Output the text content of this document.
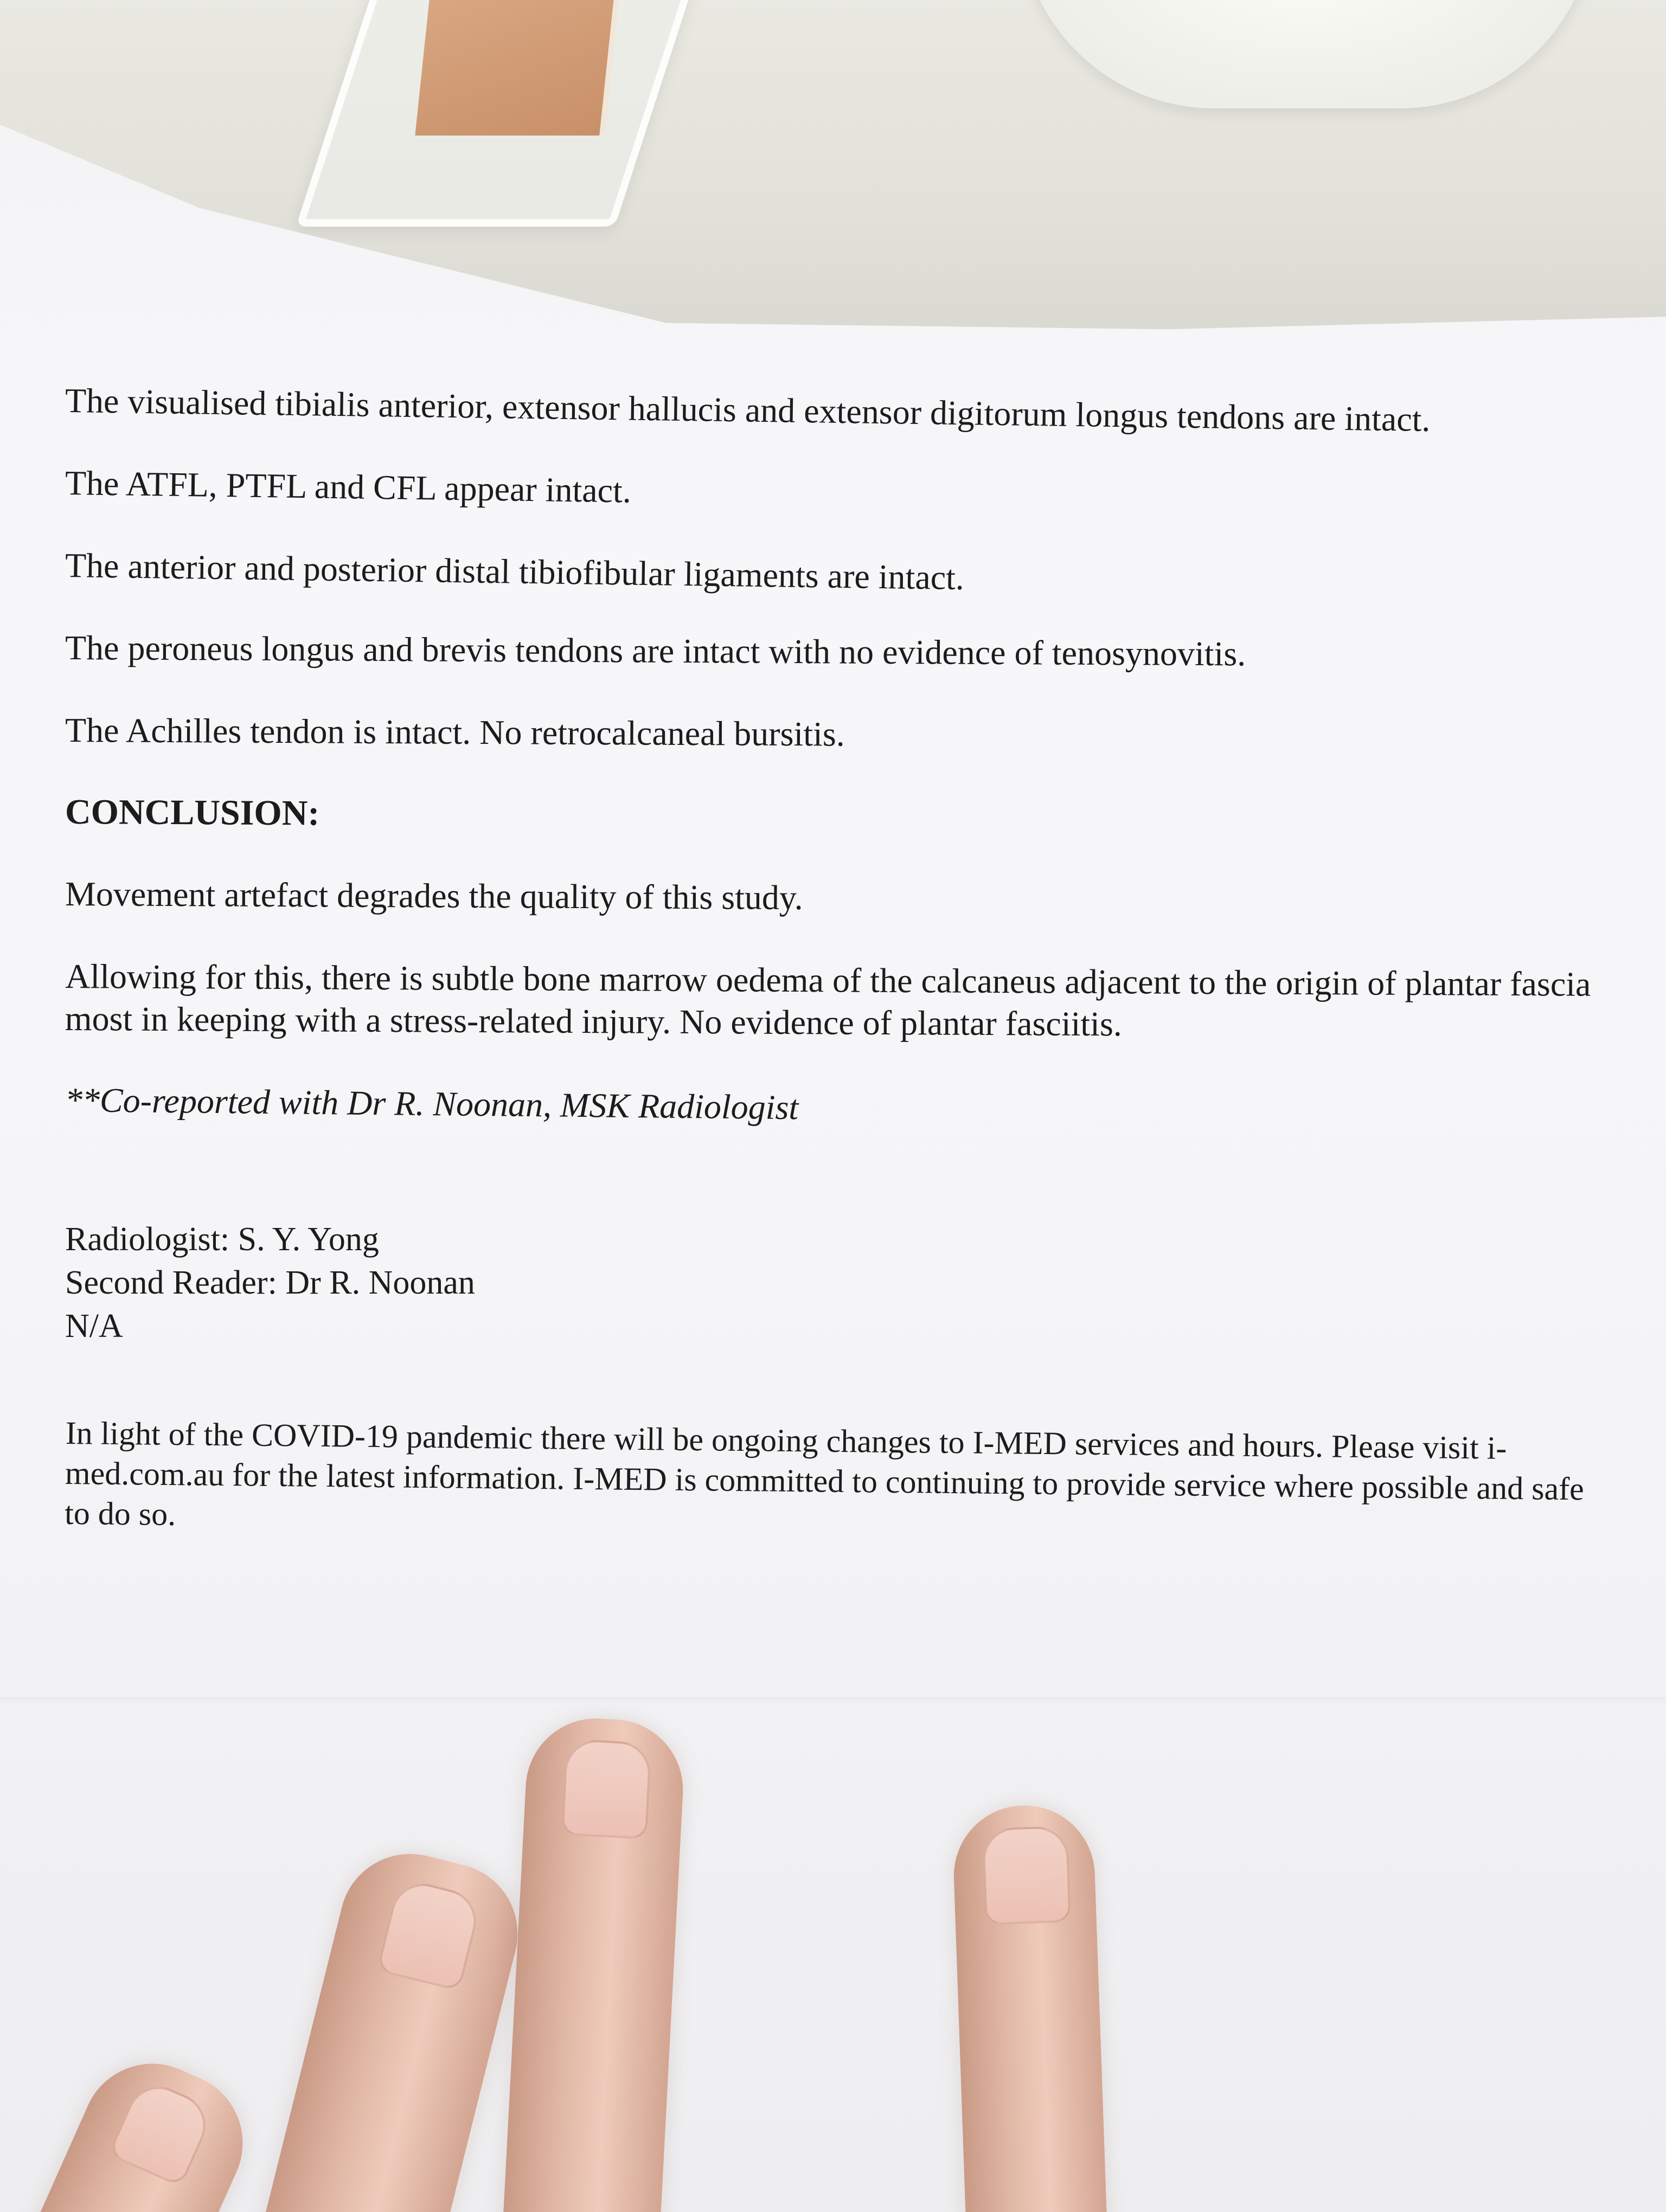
The visualised tibialis anterior, extensor hallucis and extensor digitorum longus tendons are intact.

The ATFL, PTFL and CFL appear intact.

The anterior and posterior distal tibiofibular ligaments are intact.

The peroneus longus and brevis tendons are intact with no evidence of tenosynovitis.

The Achilles tendon is intact. No retrocalcaneal bursitis.

CONCLUSION:

Movement artefact degrades the quality of this study.

Allowing for this, there is subtle bone marrow oedema of the calcaneus adjacent to the origin of plantar fascia most in keeping with a stress-related injury. No evidence of plantar fasciitis.

**Co-reported with Dr R. Noonan, MSK Radiologist

Radiologist: S. Y. Yong
Second Reader: Dr R. Noonan
N/A

In light of the COVID-19 pandemic there will be ongoing changes to I-MED services and hours. Please visit i-med.com.au for the latest information. I-MED is committed to continuing to provide service where possible and safe to do so.
